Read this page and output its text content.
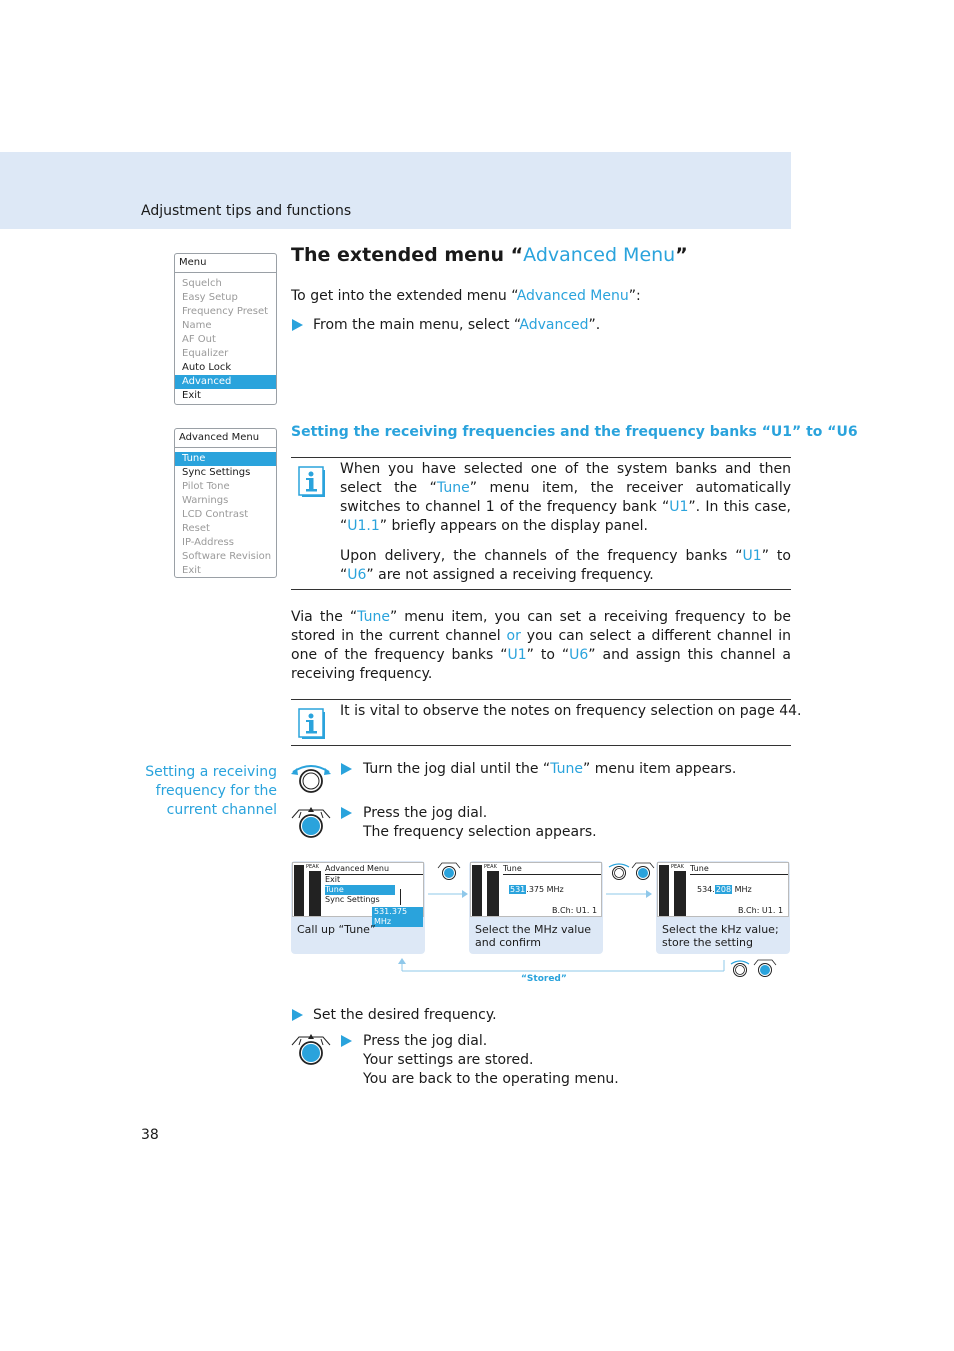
Adjustment tips and functions
Menu
Squelch
Easy Setup
Frequency Preset
Name
AF Out
Equalizer
Auto Lock
Advanced
Exit
Advanced Menu
Tune
Sync Settings
Pilot Tone
Warnings
LCD Contrast
Reset
IP-Address
Software Revision
Exit
The extended menu “Advanced Menu”
To get into the extended menu “Advanced Menu”:
From the main menu, select “Advanced”.
Setting the receiving frequencies and the frequency banks “U1” to “U6
When you have selected one of the system banks and then select the “Tune” menu item, the receiver automatically switches to channel 1 of the frequency bank “U1”. In this case, “U1.1” briefly appears on the display panel.
Upon delivery, the channels of the frequency banks “U1” to “U6” are not assigned a receiving frequency.
Via the “Tune” menu item, you can set a receiving frequency to be stored in the current channel or you can select a different channel in one of the frequency banks “U1” to “U6” and assign this channel a receiving frequency.
It is vital to observe the notes on frequency selection on page 44.
Setting a receiving
frequency for the
current channel
Turn the jog dial until the “Tune” menu item appears.
Press the jog dial.
The frequency selection appears.
PEAK Advanced Menu
Exit
Tune
Sync Settings
531.375 MHz
Call up “Tune”
PEAK Tune
531.375 MHz
B.Ch: U1. 1
Select the MHz value
and confirm
PEAK Tune
534.208 MHz
B.Ch: U1. 1
Select the kHz value;
store the setting
“Stored”
Set the desired frequency.
Press the jog dial.
Your settings are stored.
You are back to the operating menu.
38
